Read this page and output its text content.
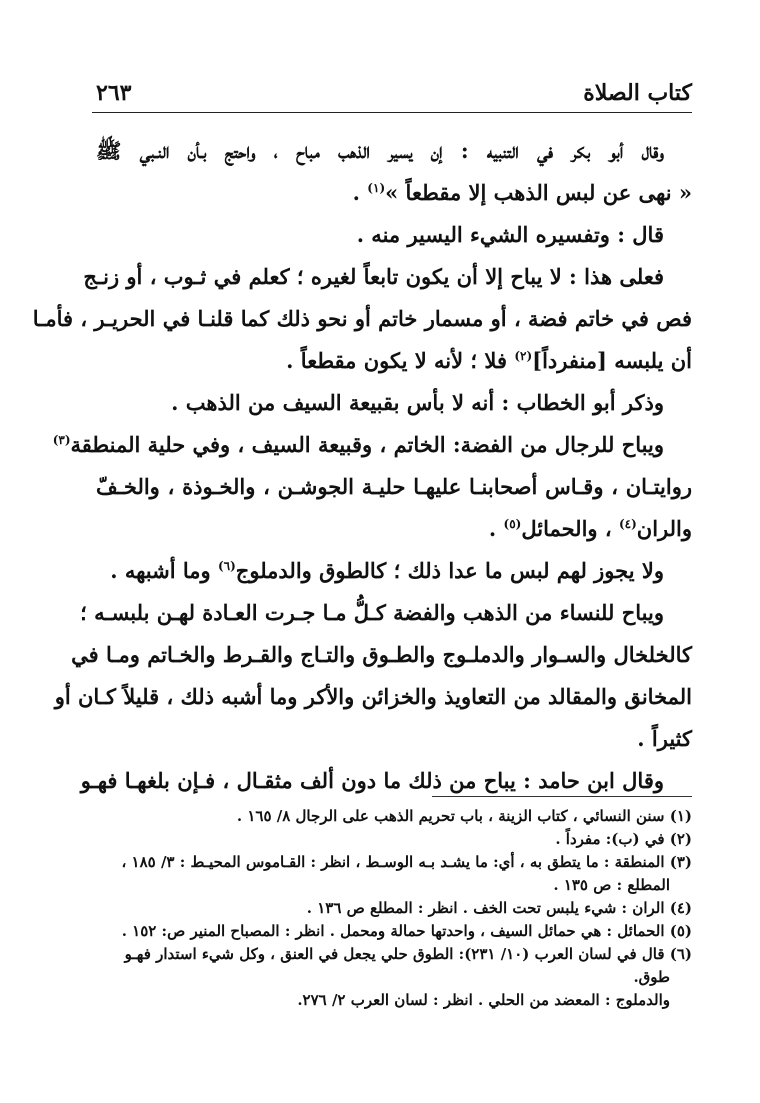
كتاب الصلاة
٢٦٣
وقال أبو بكر في التنبيه : إن يسير الذهب مباح ، واحتج بـأن النـبي ﷺ
« نهى عن لبس الذهب إلا مقطعاً »$^{(١)}$ .
قال : وتفسيره الشيء اليسير منه .
فعلى هذا : لا يباح إلا أن يكون تابعاً لغيره ؛ كعلم في ثـوب ، أو زنـج
فص في خاتم فضة ، أو مسمار خاتم أو نحو ذلك كما قلنـا في الحريـر ، فأمـا
أن يلبسه [منفرداً]$^{(٢)}$ فلا ؛ لأنه لا يكون مقطعاً .
وذكر أبو الخطاب : أنه لا بأس بقبيعة السيف من الذهب .
ويباح للرجال من الفضة: الخاتم ، وقبيعة السيف ، وفي حلية المنطقة$^{(٣)}$
روايتـان ، وقـاس أصحابنـا عليهـا حليـة الجوشـن ، والخـوذة ، والخـفّ
والران$^{(٤)}$ ، والحمائل$^{(٥)}$ .
ولا يجوز لهم لبس ما عدا ذلك ؛ كالطوق والدملوج$^{(٦)}$ وما أشبهه .
ويباح للنساء من الذهب والفضة كـلُّ مـا جـرت العـادة لهـن بلبسـه ؛
كالخلخال والسـوار والدملـوج والطـوق والتـاج والقـرط والخـاتم ومـا في
المخانق والمقالد من التعاويذ والخزائن والأكر وما أشبه ذلك ، قليلاً كـان أو
كثيراً .
وقال ابن حامد : يباح من ذلك ما دون ألف مثقـال ، فـإن بلغهـا فهـو
(١) سنن النسائي ، كتاب الزينة ، باب تحريم الذهب على الرجال ٨/ ١٦٥ .
(٢) في (ب): مفرداً .
(٣) المنطقة : ما يتطق به ، أي: ما يشـد بـه الوسـط ، انظر : القـاموس المحيـط : ٣/ ١٨٥ ،
المطلع : ص ١٣٥ .
(٤) الران : شيء يلبس تحت الخف . انظر : المطلع ص ١٣٦ .
(٥) الحمائل : هي حمائل السيف ، واحدتها حمالة ومحمل . انظر : المصباح المنير ص: ١٥٢ .
(٦) قال في لسان العرب (١٠/ ٢٣١): الطوق حلي يجعل في العنق ، وكل شيء استدار فهـو
طوق.
والدملوج : المعضد من الحلي . انظر : لسان العرب ٢/ ٢٧٦.
